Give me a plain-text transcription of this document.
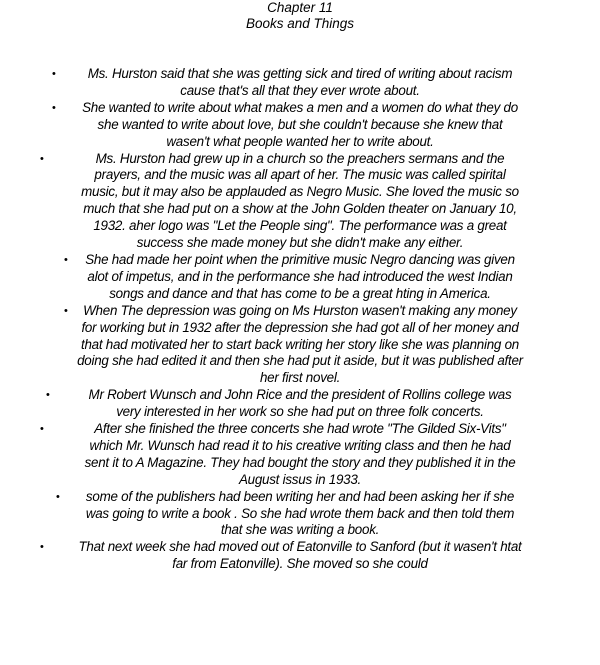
Chapter 11

Books and Things

•	Ms. Hurston said that she was getting sick and tired of writing about racism cause that's all that they ever wrote about.
•	She wanted to write about what makes a men and a women do what they do she wanted to write about love, but she couldn't because she knew that wasen't what people wanted her to write about.
•	Ms. Hurston had grew up in a church so the preachers sermans and the prayers, and the music was all apart of her. The music was called spirital music, but it may also be applauded as Negro Music. She loved the music so much that she had put on a show at the John Golden theater on January 10, 1932. aher logo was "Let the People sing". The performance was a great success she made money but she didn't make any either.
•	She had made her point when the primitive music Negro dancing was given alot of impetus, and in the performance she had introduced the west Indian songs and dance and that has come to be a great hting in America.
•	When The depression was going on Ms Hurston wasen't making any money for working but in 1932 after the depression she had got all of her money and that had motivated her to start back writing her story like she was planning on doing she had edited it and then she had put it aside, but it was published after her first novel.
•	Mr Robert Wunsch and John Rice and the president of Rollins college was very interested in her work so she had put on three folk concerts.
•	After she finished the three concerts she had wrote "The Gilded Six-Vits" which Mr. Wunsch had read it to his creative writing class and then he had sent it to A Magazine. They had bought the story and they published it in the August issus in 1933.
•	some of the publishers had been writing her and had been asking her if she was going to write a book . So she had wrote them back and then told them that she was writing a book.
•	That next week she had moved out of Eatonville to Sanford (but it wasen't htat far from Eatonville). She moved so she could
